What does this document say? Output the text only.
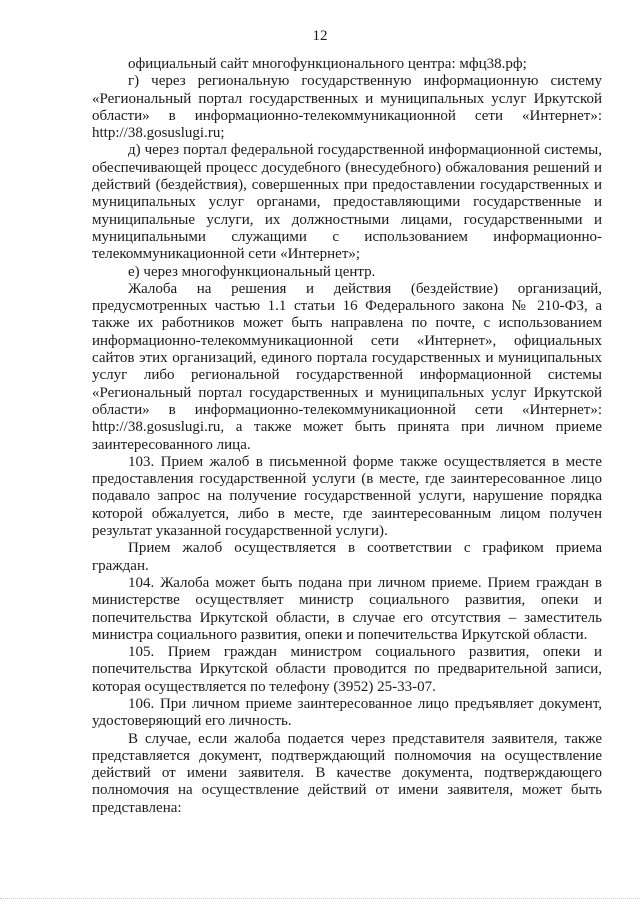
12

официальный сайт многофункционального центра: мфц38.рф;

г) через региональную государственную информационную систему «Региональный портал государственных и муниципальных услуг Иркутской области» в информационно-телекоммуникационной сети «Интернет»: http://38.gosuslugi.ru;

д) через портал федеральной государственной информационной системы, обеспечивающей процесс досудебного (внесудебного) обжалования решений и действий (бездействия), совершенных при предоставлении государственных и муниципальных услуг органами, предоставляющими государственные и муниципальные услуги, их должностными лицами, государственными и муниципальными служащими с использованием информационно-телекоммуникационной сети «Интернет»;

е) через многофункциональный центр.

Жалоба на решения и действия (бездействие) организаций, предусмотренных частью 1.1 статьи 16 Федерального закона № 210-ФЗ, а также их работников может быть направлена по почте, с использованием информационно-телекоммуникационной сети «Интернет», официальных сайтов этих организаций, единого портала государственных и муниципальных услуг либо региональной государственной информационной системы «Региональный портал государственных и муниципальных услуг Иркутской области» в информационно-телекоммуникационной сети «Интернет»: http://38.gosuslugi.ru, а также может быть принята при личном приеме заинтересованного лица.

103. Прием жалоб в письменной форме также осуществляется в месте предоставления государственной услуги (в месте, где заинтересованное лицо подавало запрос на получение государственной услуги, нарушение порядка которой обжалуется, либо в месте, где заинтересованным лицом получен результат указанной государственной услуги).

Прием жалоб осуществляется в соответствии с графиком приема граждан.

104. Жалоба может быть подана при личном приеме. Прием граждан в министерстве осуществляет министр социального развития, опеки и попечительства Иркутской области, в случае его отсутствия – заместитель министра социального развития, опеки и попечительства Иркутской области.

105. Прием граждан министром социального развития, опеки и попечительства Иркутской области проводится по предварительной записи, которая осуществляется по телефону (3952) 25-33-07.

106. При личном приеме заинтересованное лицо предъявляет документ, удостоверяющий его личность.

В случае, если жалоба подается через представителя заявителя, также представляется документ, подтверждающий полномочия на осуществление действий от имени заявителя. В качестве документа, подтверждающего полномочия на осуществление действий от имени заявителя, может быть представлена:
